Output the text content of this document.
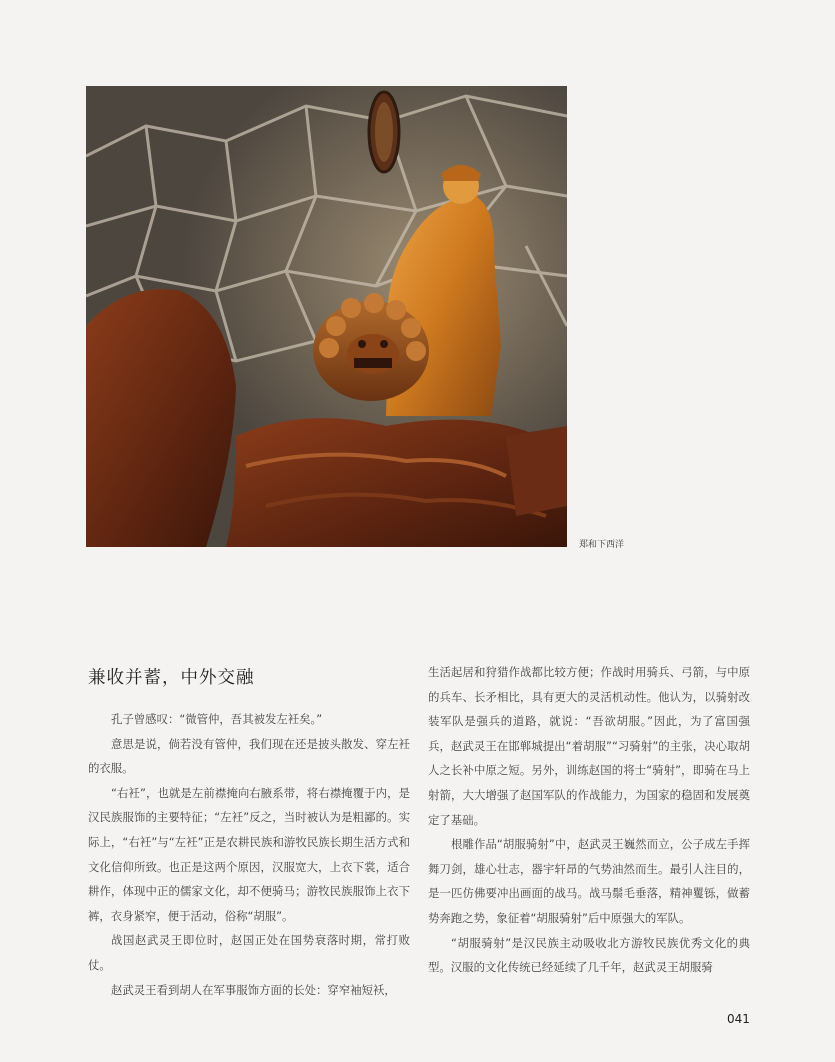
郑和下西洋
兼收并蓄，中外交融

孔子曾感叹：“微管仲，吾其被发左衽矣。”

意思是说，倘若没有管仲，我们现在还是披头散发、穿左衽的衣服。

“右衽”，也就是左前襟掩向右腋系带，将右襟掩覆于内，是汉民族服饰的主要特征；“左衽”反之，当时被认为是粗鄙的。实际上，“右衽”与“左衽”正是农耕民族和游牧民族长期生活方式和文化信仰所致。也正是这两个原因，汉服宽大，上衣下裳，适合耕作，体现中正的儒家文化，却不便骑马；游牧民族服饰上衣下裤，衣身紧窄，便于活动，俗称“胡服”。

战国赵武灵王即位时，赵国正处在国势衰落时期，常打败仗。

赵武灵王看到胡人在军事服饰方面的长处：穿窄袖短袄，

生活起居和狩猎作战都比较方便；作战时用骑兵、弓箭，与中原的兵车、长矛相比，具有更大的灵活机动性。他认为，以骑射改装军队是强兵的道路，就说：“吾欲胡服。”因此，为了富国强兵，赵武灵王在邯郸城提出“着胡服”“习骑射”的主张，决心取胡人之长补中原之短。另外，训练赵国的将士“骑射”，即骑在马上射箭，大大增强了赵国军队的作战能力，为国家的稳固和发展奠定了基础。

根雕作品“胡服骑射”中，赵武灵王巍然而立，公子成左手挥舞刀剑，雄心壮志，器宇轩昂的气势油然而生。最引人注目的，是一匹仿佛要冲出画面的战马。战马鬃毛垂落，精神矍铄，做蓄势奔跑之势，象征着“胡服骑射”后中原强大的军队。

“胡服骑射”是汉民族主动吸收北方游牧民族优秀文化的典型。汉服的文化传统已经延续了几千年，赵武灵王胡服骑

041
